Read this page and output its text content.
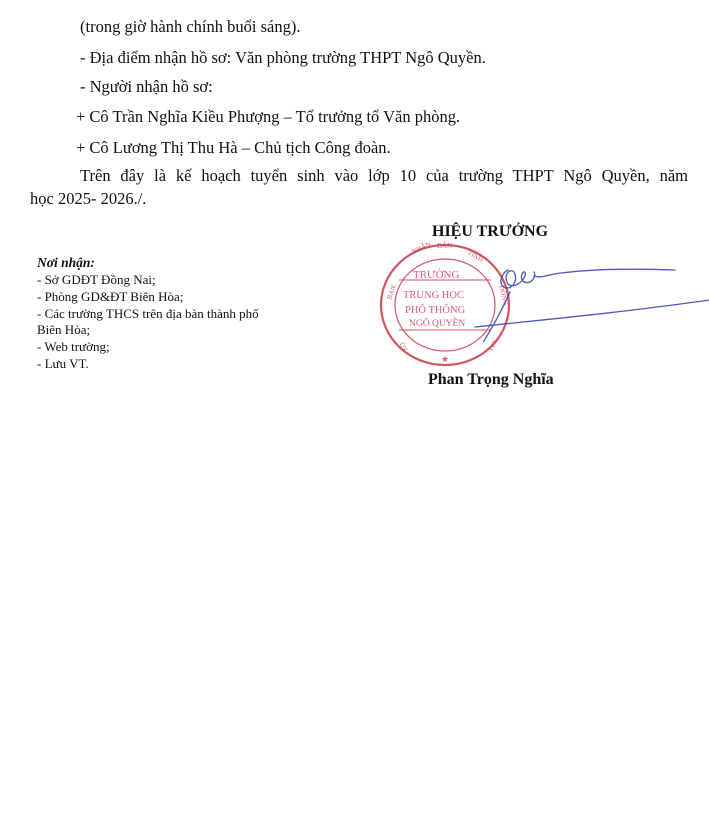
(trong giờ hành chính buổi sáng).
- Địa điểm nhận hồ sơ: Văn phòng trường THPT Ngô Quyền.
- Người nhận hồ sơ:
+ Cô Trần Nghĩa Kiều Phượng – Tổ trưởng tổ Văn phòng.
+ Cô Lương Thị Thu Hà – Chủ tịch Công đoàn.
Trên đây là kế hoạch tuyển sinh vào lớp 10 của trường THPT Ngô Quyền, năm
học 2025- 2026./.
HIỆU TRƯỞNG
Nơi nhận:
- Sở GDĐT Đồng Nai;
- Phòng GD&ĐT Biên Hòa;
- Các trường THCS trên địa bàn thành phố
Biên Hòa;
- Web trường;
- Lưu VT.
TRUNG HỌC
PHỔ THÔNG
NGÔ QUYỀN
TRƯỜNG
BAN
NHÂN DÂN
TỈNH
ĐỒNG
NAI
ỦY
★
Phan Trọng Nghĩa
